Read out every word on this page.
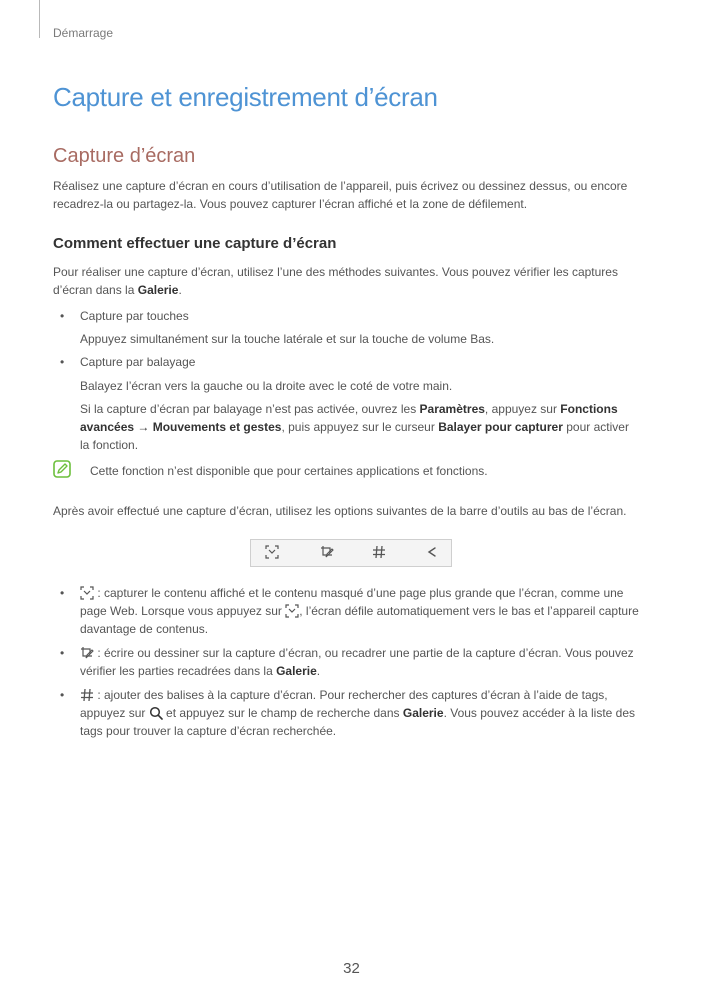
Démarrage
Capture et enregistrement d’écran
Capture d’écran

Réalisez une capture d’écran en cours d’utilisation de l’appareil, puis écrivez ou dessinez dessus, ou encore recadrez-la ou partagez-la. Vous pouvez capturer l’écran affiché et la zone de défilement.

Comment effectuer une capture d’écran

Pour réaliser une capture d’écran, utilisez l’une des méthodes suivantes. Vous pouvez vérifier les captures d’écran dans la Galerie.

• Capture par touches

Appuyez simultanément sur la touche latérale et sur la touche de volume Bas.

• Capture par balayage

Balayez l’écran vers la gauche ou la droite avec le coté de votre main.

Si la capture d’écran par balayage n’est pas activée, ouvrez les Paramètres, appuyez sur Fonctions avancées → Mouvements et gestes, puis appuyez sur le curseur Balayer pour capturer pour activer la fonction.

Cette fonction n’est disponible que pour certaines applications et fonctions.

Après avoir effectué une capture d’écran, utilisez les options suivantes de la barre d’outils au bas de l’écran.

•	: capturer le contenu affiché et le contenu masqué d’une page plus grande que l’écran, comme une page Web. Lorsque vous appuyez sur , l’écran défile automatiquement vers le bas et l’appareil capture davantage de contenus.

•	: écrire ou dessiner sur la capture d’écran, ou recadrer une partie de la capture d’écran. Vous pouvez vérifier les parties recadrées dans la Galerie.

•	: ajouter des balises à la capture d’écran. Pour rechercher des captures d’écran à l’aide de tags, appuyez sur  et appuyez sur le champ de recherche dans Galerie. Vous pouvez accéder à la liste des tags pour trouver la capture d’écran recherchée.

32
